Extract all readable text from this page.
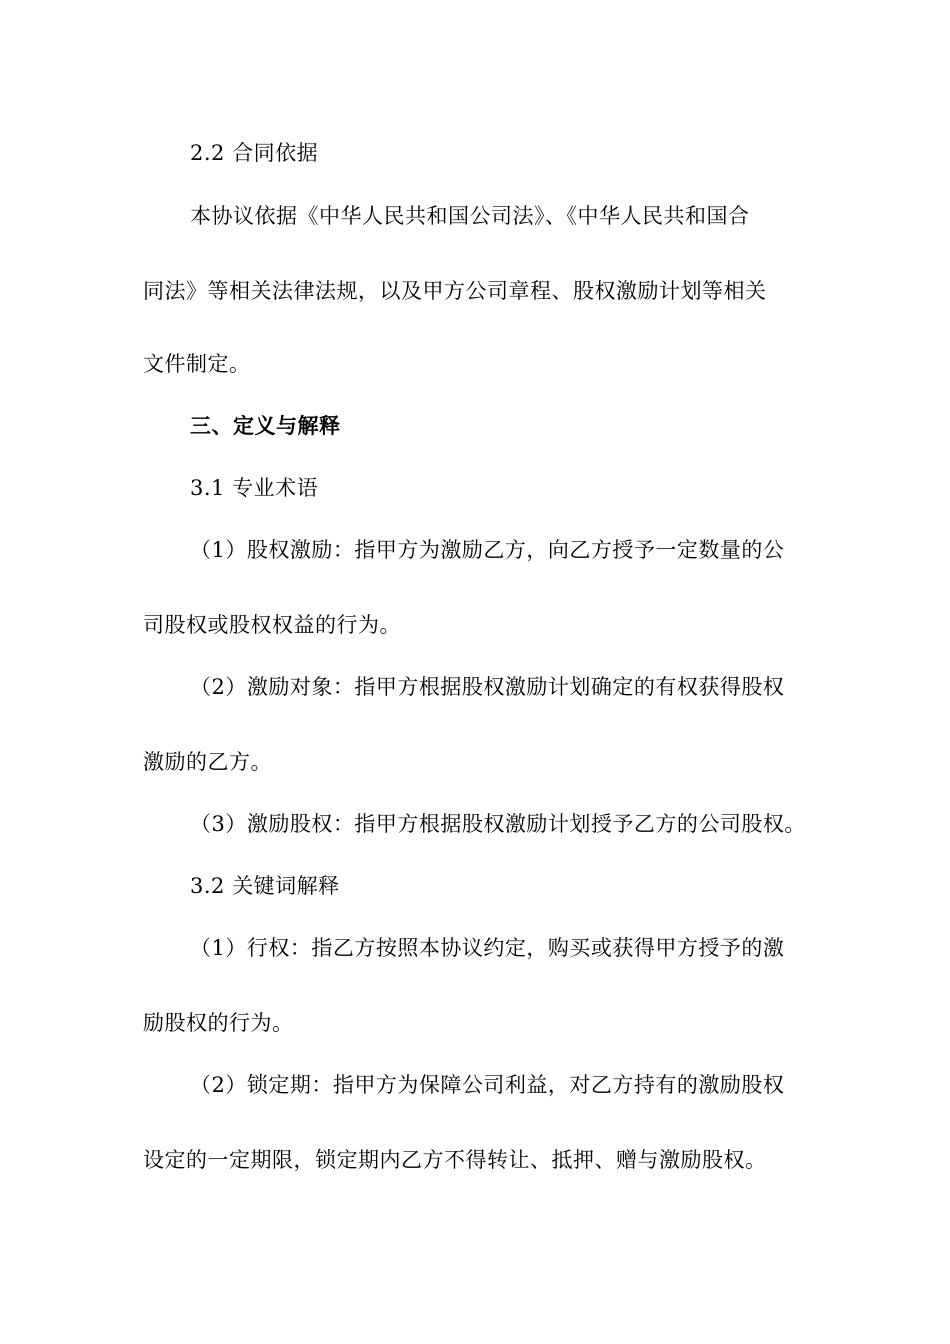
2.2 合同依据
本协议依据《中华人民共和国公司法》、《中华人民共和国合
同法》等相关法律法规，以及甲方公司章程、股权激励计划等相关
文件制定。
三、定义与解释
3.1 专业术语
（1）股权激励：指甲方为激励乙方，向乙方授予一定数量的公
司股权或股权权益的行为。
（2）激励对象：指甲方根据股权激励计划确定的有权获得股权
激励的乙方。
（3）激励股权：指甲方根据股权激励计划授予乙方的公司股权。
3.2 关键词解释
（1）行权：指乙方按照本协议约定，购买或获得甲方授予的激
励股权的行为。
（2）锁定期：指甲方为保障公司利益，对乙方持有的激励股权
设定的一定期限，锁定期内乙方不得转让、抵押、赠与激励股权。
